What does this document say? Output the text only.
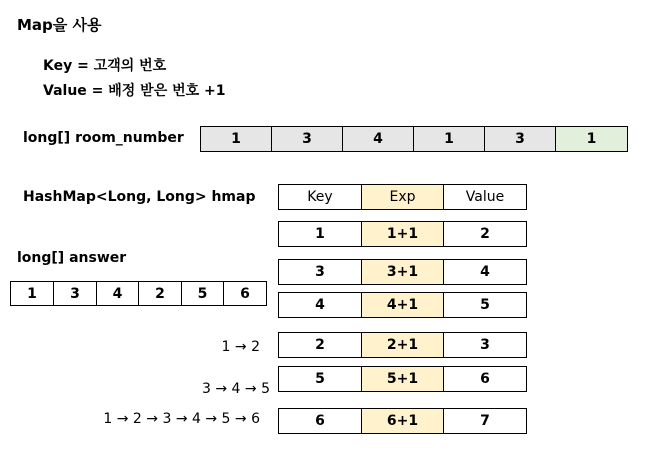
Map을 사용
Key = 고객의 번호
Value = 배정 받은 번호 +1
long[] room_number	1	3	4	1	3	1
HashMap<Long, Long> hmap	Key	Exp	Value
1	1+1	2
3	3+1	4
4	4+1	5
2	2+1	3
5	5+1	6
6	6+1	7
long[] answer
1	3	4	2	5	6
1 → 2
3 → 4 → 5
1 → 2 → 3 → 4 → 5 → 6
